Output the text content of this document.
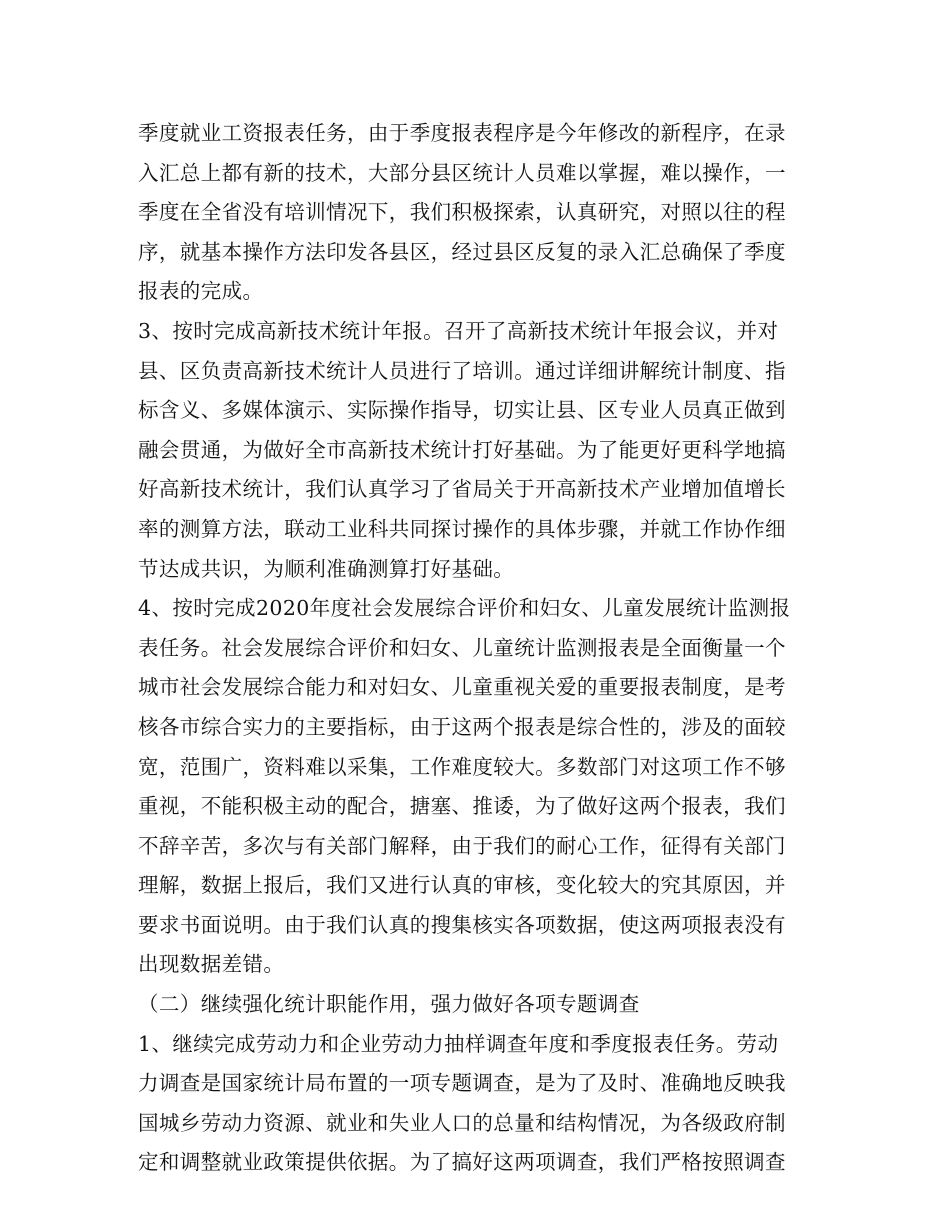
季度就业工资报表任务，由于季度报表程序是今年修改的新程序，在录
入汇总上都有新的技术，大部分县区统计人员难以掌握，难以操作，一
季度在全省没有培训情况下，我们积极探索，认真研究，对照以往的程
序，就基本操作方法印发各县区，经过县区反复的录入汇总确保了季度
报表的完成。
3、按时完成高新技术统计年报。召开了高新技术统计年报会议，并对
县、区负责高新技术统计人员进行了培训。通过详细讲解统计制度、指
标含义、多媒体演示、实际操作指导，切实让县、区专业人员真正做到
融会贯通，为做好全市高新技术统计打好基础。为了能更好更科学地搞
好高新技术统计，我们认真学习了省局关于开高新技术产业增加值增长
率的测算方法，联动工业科共同探讨操作的具体步骤，并就工作协作细
节达成共识，为顺利准确测算打好基础。
4、按时完成2020年度社会发展综合评价和妇女、儿童发展统计监测报
表任务。社会发展综合评价和妇女、儿童统计监测报表是全面衡量一个
城市社会发展综合能力和对妇女、儿童重视关爱的重要报表制度，是考
核各市综合实力的主要指标，由于这两个报表是综合性的，涉及的面较
宽，范围广，资料难以采集，工作难度较大。多数部门对这项工作不够
重视，不能积极主动的配合，搪塞、推诿，为了做好这两个报表，我们
不辞辛苦，多次与有关部门解释，由于我们的耐心工作，征得有关部门
理解，数据上报后，我们又进行认真的审核，变化较大的究其原因，并
要求书面说明。由于我们认真的搜集核实各项数据，使这两项报表没有
出现数据差错。
（二）继续强化统计职能作用，强力做好各项专题调查
1、继续完成劳动力和企业劳动力抽样调查年度和季度报表任务。劳动
力调查是国家统计局布置的一项专题调查，是为了及时、准确地反映我
国城乡劳动力资源、就业和失业人口的总量和结构情况，为各级政府制
定和调整就业政策提供依据。为了搞好这两项调查，我们严格按照调查
